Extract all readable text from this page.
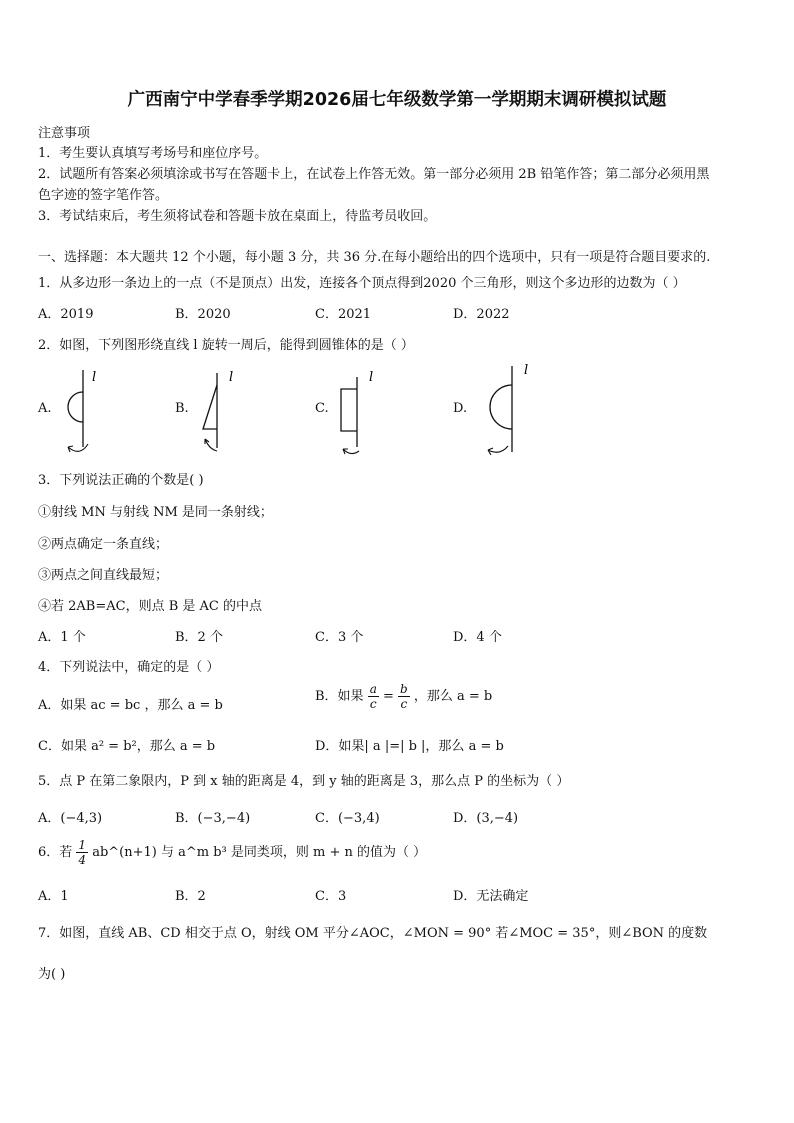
广西南宁中学春季学期2026届七年级数学第一学期期末调研模拟试题
注意事项
1．考生要认真填写考场号和座位序号。
2．试题所有答案必须填涂或书写在答题卡上，在试卷上作答无效。第一部分必须用 2B 铅笔作答；第二部分必须用黑
色字迹的签字笔作答。
3．考试结束后，考生须将试卷和答题卡放在桌面上，待监考员收回。
一、选择题：本大题共 12 个小题，每小题 3 分，共 36 分.在每小题给出的四个选项中，只有一项是符合题目要求的.
1．从多边形一条边上的一点（不是顶点）出发，连接各个顶点得到2020 个三角形，则这个多边形的边数为（ ）
A．2019	B．2020	C．2021	D．2022
2．如图，下列图形绕直线 l 旋转一周后，能得到圆锥体的是（ ）
A.
l
B.
l
C.
l
D.
l
3．下列说法正确的个数是( )
①射线 MN 与射线 NM 是同一条射线；
②两点确定一条直线；
③两点之间直线最短；
④若 2AB=AC，则点 B 是 AC 的中点
A．1 个	B．2 个	C．3 个	D．4 个
4．下列说法中，确定的是（ ）
A．如果 ac = bc ，那么 a = b
B．如果 $\frac{a}{c} = \frac{b}{c}$ ，那么 a = b
C．如果 a² = b²，那么 a = b	D．如果| a |=| b |，那么 a = b
5．点 P 在第二象限内，P 到 x 轴的距离是 4，到 y 轴的距离是 3，那么点 P 的坐标为（ ）
A．(−4,3)	B．(−3,−4)	C．(−3,4)	D．(3,−4)
6．若 $\frac{1}{4}$ ab^(n+1) 与 a^m b³ 是同类项，则 m + n 的值为（ ）
A．1	B．2	C．3	D．无法确定
7．如图，直线 AB、CD 相交于点 O，射线 OM 平分∠AOC，∠MON = 90° 若∠MOC = 35°，则∠BON 的度数
为( )
